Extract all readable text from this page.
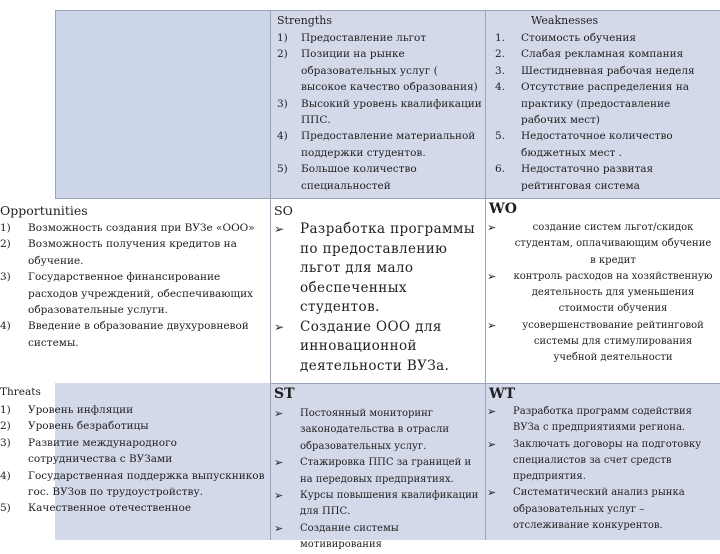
Strengths
1) Предоставление льгот
2) Позиции на рынке образовательных услуг ( высокое качество образования)
3) Высокий уровень квалификации ППС.
4) Предоставление материальной поддержки студентов.
5) Большое количество специальностей
Weaknesses
1. Стоимость обучения
2. Слабая рекламная компания
3. Шестидневная рабочая неделя
4. Отсутствие распределения на практику (предоставление рабочих мест)
5. Недостаточное количество бюджетных мест .
6. Недостаточно развитая рейтинговая система
Opportunities
1) Возможность создания при ВУЗе «ООО»
2) Возможность получения кредитов на обучение.
3) Государственное финансирование расходов учреждений, обеспечивающих образовательные услуги.
4) Введение в образование двухуровневой системы.
SO
➢ Разработка программы по предоставлению льгот для мало обеспеченных студентов.
➢ Создание ООО для инновационной деятельности ВУЗа.
WO
➢	создание систем льгот/скидок студентам, оплачивающим обучение в кредит
➢ контроль расходов на хозяйственную деятельность для уменьшения стоимости обучения
➢	усовершенствование рейтинговой системы для стимулирования учебной деятельности
Threats
1) Уровень инфляции
2) Уровень безработицы
3) Развитие международного сотрудничества с ВУЗами
4) Государственная поддержка выпускников гос. ВУЗов по трудоустройству.
5) Качественное отечественное
ST
➢ Постоянный мониторинг законодательства в отрасли образовательных услуг.
➢ Стажировка ППС за границей и на передовых предприятиях.
➢ Курсы повышения квалификации для ППС.
➢ Создание системы мотивирования
WT
➢ Разработка программ содействия ВУЗа с предприятиями региона.
➢ Заключать договоры на подготовку специалистов за счет средств предприятия.
➢ Систематический анализ рынка образовательных услуг – отслеживание конкурентов.
